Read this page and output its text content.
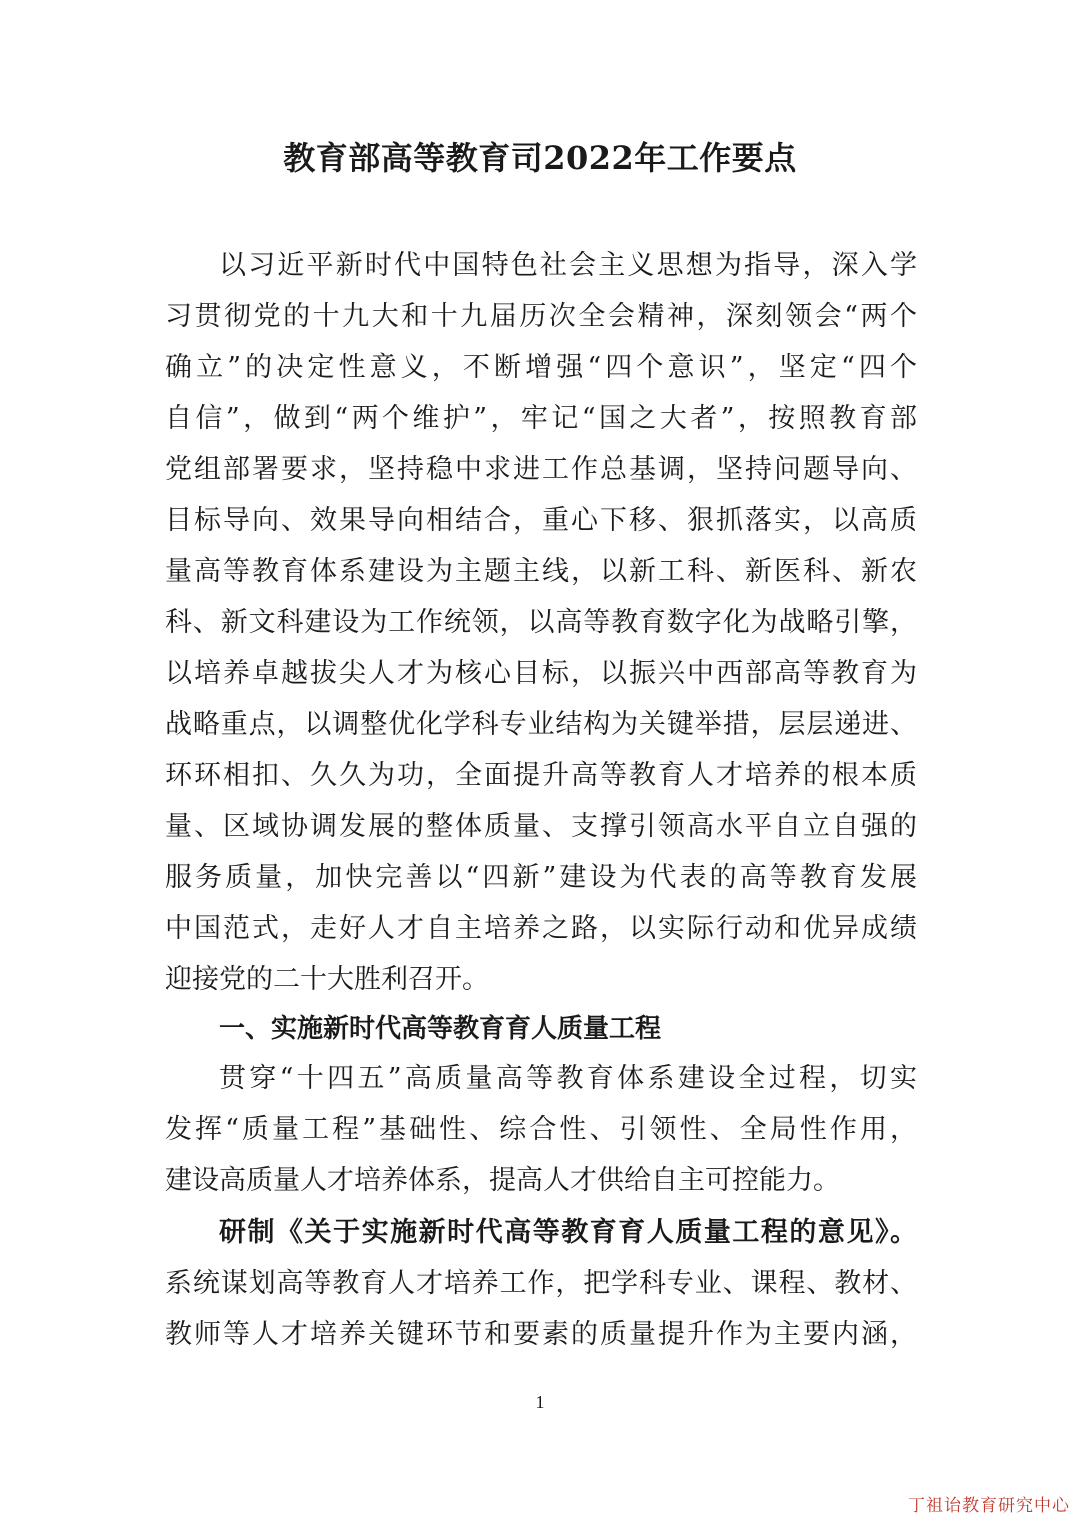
教育部高等教育司2022年工作要点
以习近平新时代中国特色社会主义思想为指导，深入学
习贯彻党的十九大和十九届历次全会精神，深刻领会“两个
确立”的决定性意义，不断增强“四个意识”，坚定“四个
自信”，做到“两个维护”，牢记“国之大者”，按照教育部
党组部署要求，坚持稳中求进工作总基调，坚持问题导向、
目标导向、效果导向相结合，重心下移、狠抓落实，以高质
量高等教育体系建设为主题主线，以新工科、新医科、新农
科、新文科建设为工作统领，以高等教育数字化为战略引擎，
以培养卓越拔尖人才为核心目标，以振兴中西部高等教育为
战略重点，以调整优化学科专业结构为关键举措，层层递进、
环环相扣、久久为功，全面提升高等教育人才培养的根本质
量、区域协调发展的整体质量、支撑引领高水平自立自强的
服务质量，加快完善以“四新”建设为代表的高等教育发展
中国范式，走好人才自主培养之路，以实际行动和优异成绩
迎接党的二十大胜利召开。
一、实施新时代高等教育育人质量工程
贯穿“十四五”高质量高等教育体系建设全过程，切实
发挥“质量工程”基础性、综合性、引领性、全局性作用，
建设高质量人才培养体系，提高人才供给自主可控能力。
研制《关于实施新时代高等教育育人质量工程的意见》。
系统谋划高等教育人才培养工作，把学科专业、课程、教材、
教师等人才培养关键环节和要素的质量提升作为主要内涵，
1
丁祖诒教育研究中心
